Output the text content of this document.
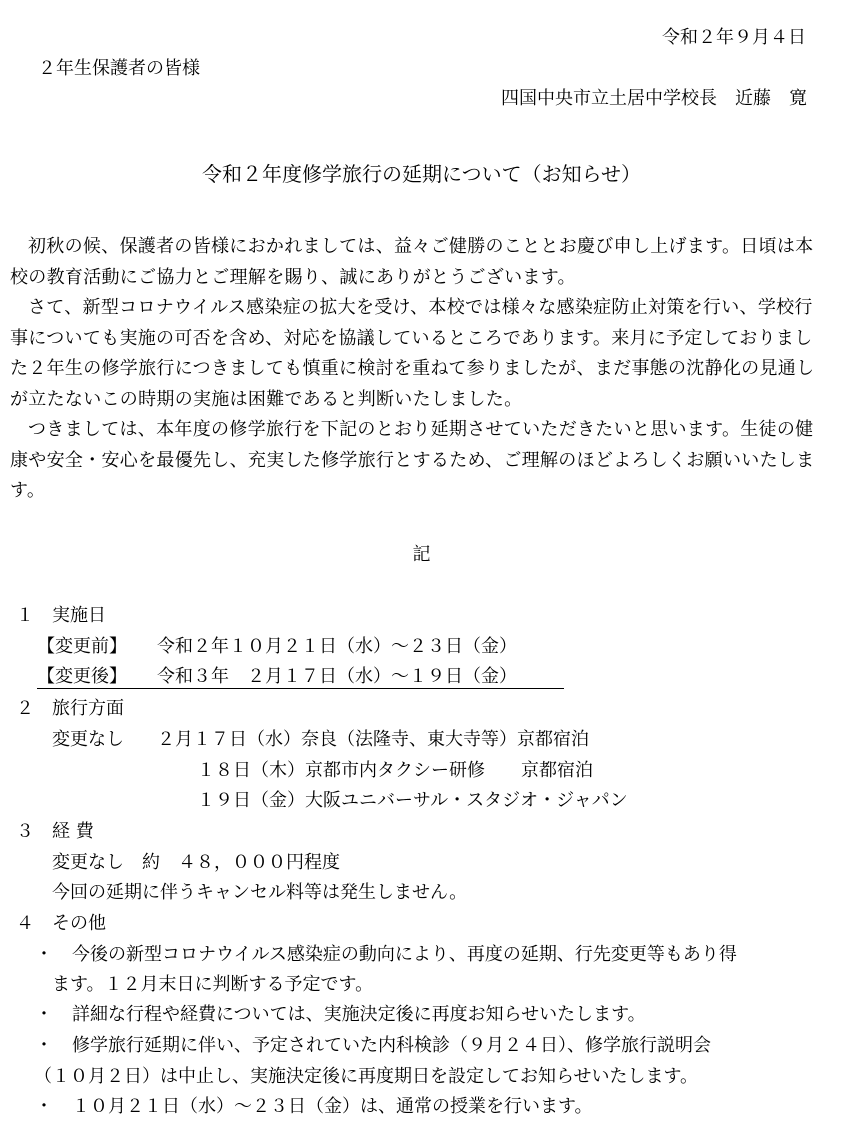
令和２年９月４日
２年生保護者の皆様
四国中央市立土居中学校長　近藤　寛
令和２年度修学旅行の延期について（お知らせ）

初秋の候、保護者の皆様におかれましては、益々ご健勝のこととお慶び申し上げます。日頃は本校の教育活動にご協力とご理解を賜り、誠にありがとうございます。

さて、新型コロナウイルス感染症の拡大を受け、本校では様々な感染症防止対策を行い、学校行事についても実施の可否を含め、対応を協議しているところであります。来月に予定しておりました２年生の修学旅行につきましても慎重に検討を重ねて参りましたが、まだ事態の沈静化の見通しが立たないこの時期の実施は困難であると判断いたしました。

つきましては、本年度の修学旅行を下記のとおり延期させていただきたいと思います。生徒の健康や安全・安心を最優先し、充実した修学旅行とするため、ご理解のほどよろしくお願いいたします。

記
１　実施日
【変更前】 令和２年１０月２１日（水）～２３日（金）
【変更後】 令和３年　２月１７日（水）～１９日（金）
２　旅行方面
変更なし ２月１７日（水）奈良（法隆寺、東大寺等）京都宿泊
１８日（木）京都市内タクシー研修　　京都宿泊
１９日（金）大阪ユニバーサル・スタジオ・ジャパン
３　経 費
変更なし　約　４８，０００円程度
今回の延期に伴うキャンセル料等は発生しません。
４　その他
・ 今後の新型コロナウイルス感染症の動向により、再度の延期、行先変更等もあり得
ます。１２月末日に判断する予定です。
・ 詳細な行程や経費については、実施決定後に再度お知らせいたします。
・ 修学旅行延期に伴い、予定されていた内科検診（９月２４日）、修学旅行説明会
（１０月２日）は中止し、実施決定後に再度期日を設定してお知らせいたします。
・ １０月２１日（水）～２３日（金）は、通常の授業を行います。
